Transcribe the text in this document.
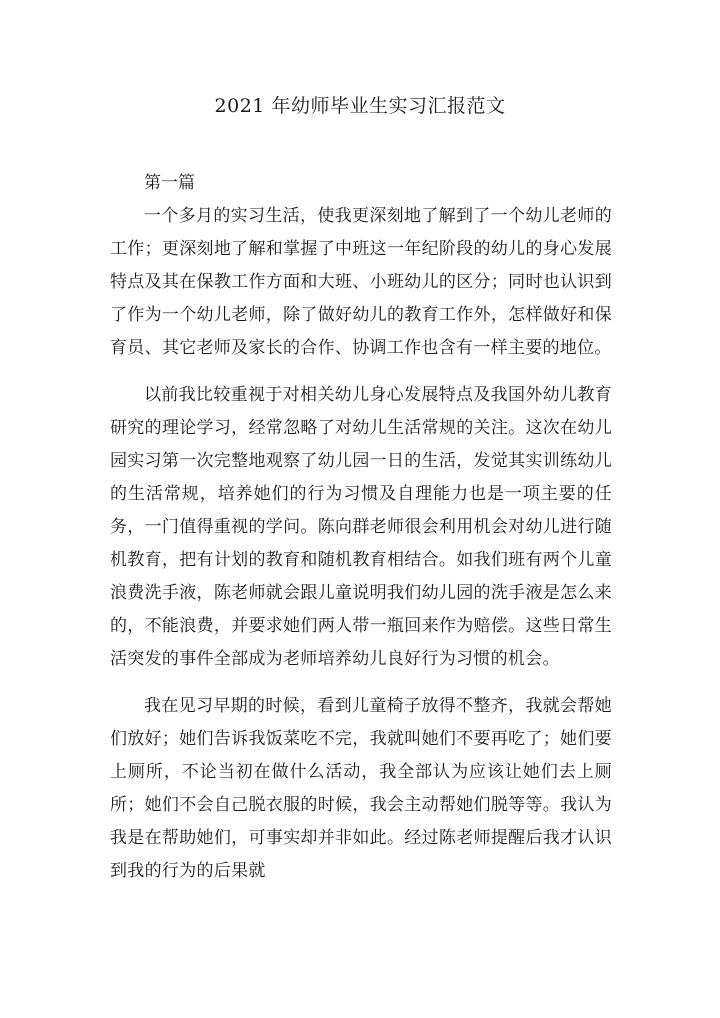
2021 年幼师毕业生实习汇报范文

第一篇

一个多月的实习生活，使我更深刻地了解到了一个幼儿老师的工作；更深刻地了解和掌握了中班这一年纪阶段的幼儿的身心发展特点及其在保教工作方面和大班、小班幼儿的区分；同时也认识到了作为一个幼儿老师，除了做好幼儿的教育工作外，怎样做好和保育员、其它老师及家长的合作、协调工作也含有一样主要的地位。

以前我比较重视于对相关幼儿身心发展特点及我国外幼儿教育研究的理论学习，经常忽略了对幼儿生活常规的关注。这次在幼儿园实习第一次完整地观察了幼儿园一日的生活，发觉其实训练幼儿的生活常规，培养她们的行为习惯及自理能力也是一项主要的任务，一门值得重视的学问。陈向群老师很会利用机会对幼儿进行随机教育，把有计划的教育和随机教育相结合。如我们班有两个儿童浪费洗手液，陈老师就会跟儿童说明我们幼儿园的洗手液是怎么来的，不能浪费，并要求她们两人带一瓶回来作为赔偿。这些日常生活突发的事件全部成为老师培养幼儿良好行为习惯的机会。

我在见习早期的时候，看到儿童椅子放得不整齐，我就会帮她们放好；她们告诉我饭菜吃不完，我就叫她们不要再吃了；她们要上厕所，不论当初在做什么活动，我全部认为应该让她们去上厕所；她们不会自己脱衣服的时候，我会主动帮她们脱等等。我认为我是在帮助她们，可事实却并非如此。经过陈老师提醒后我才认识到我的行为的后果就
